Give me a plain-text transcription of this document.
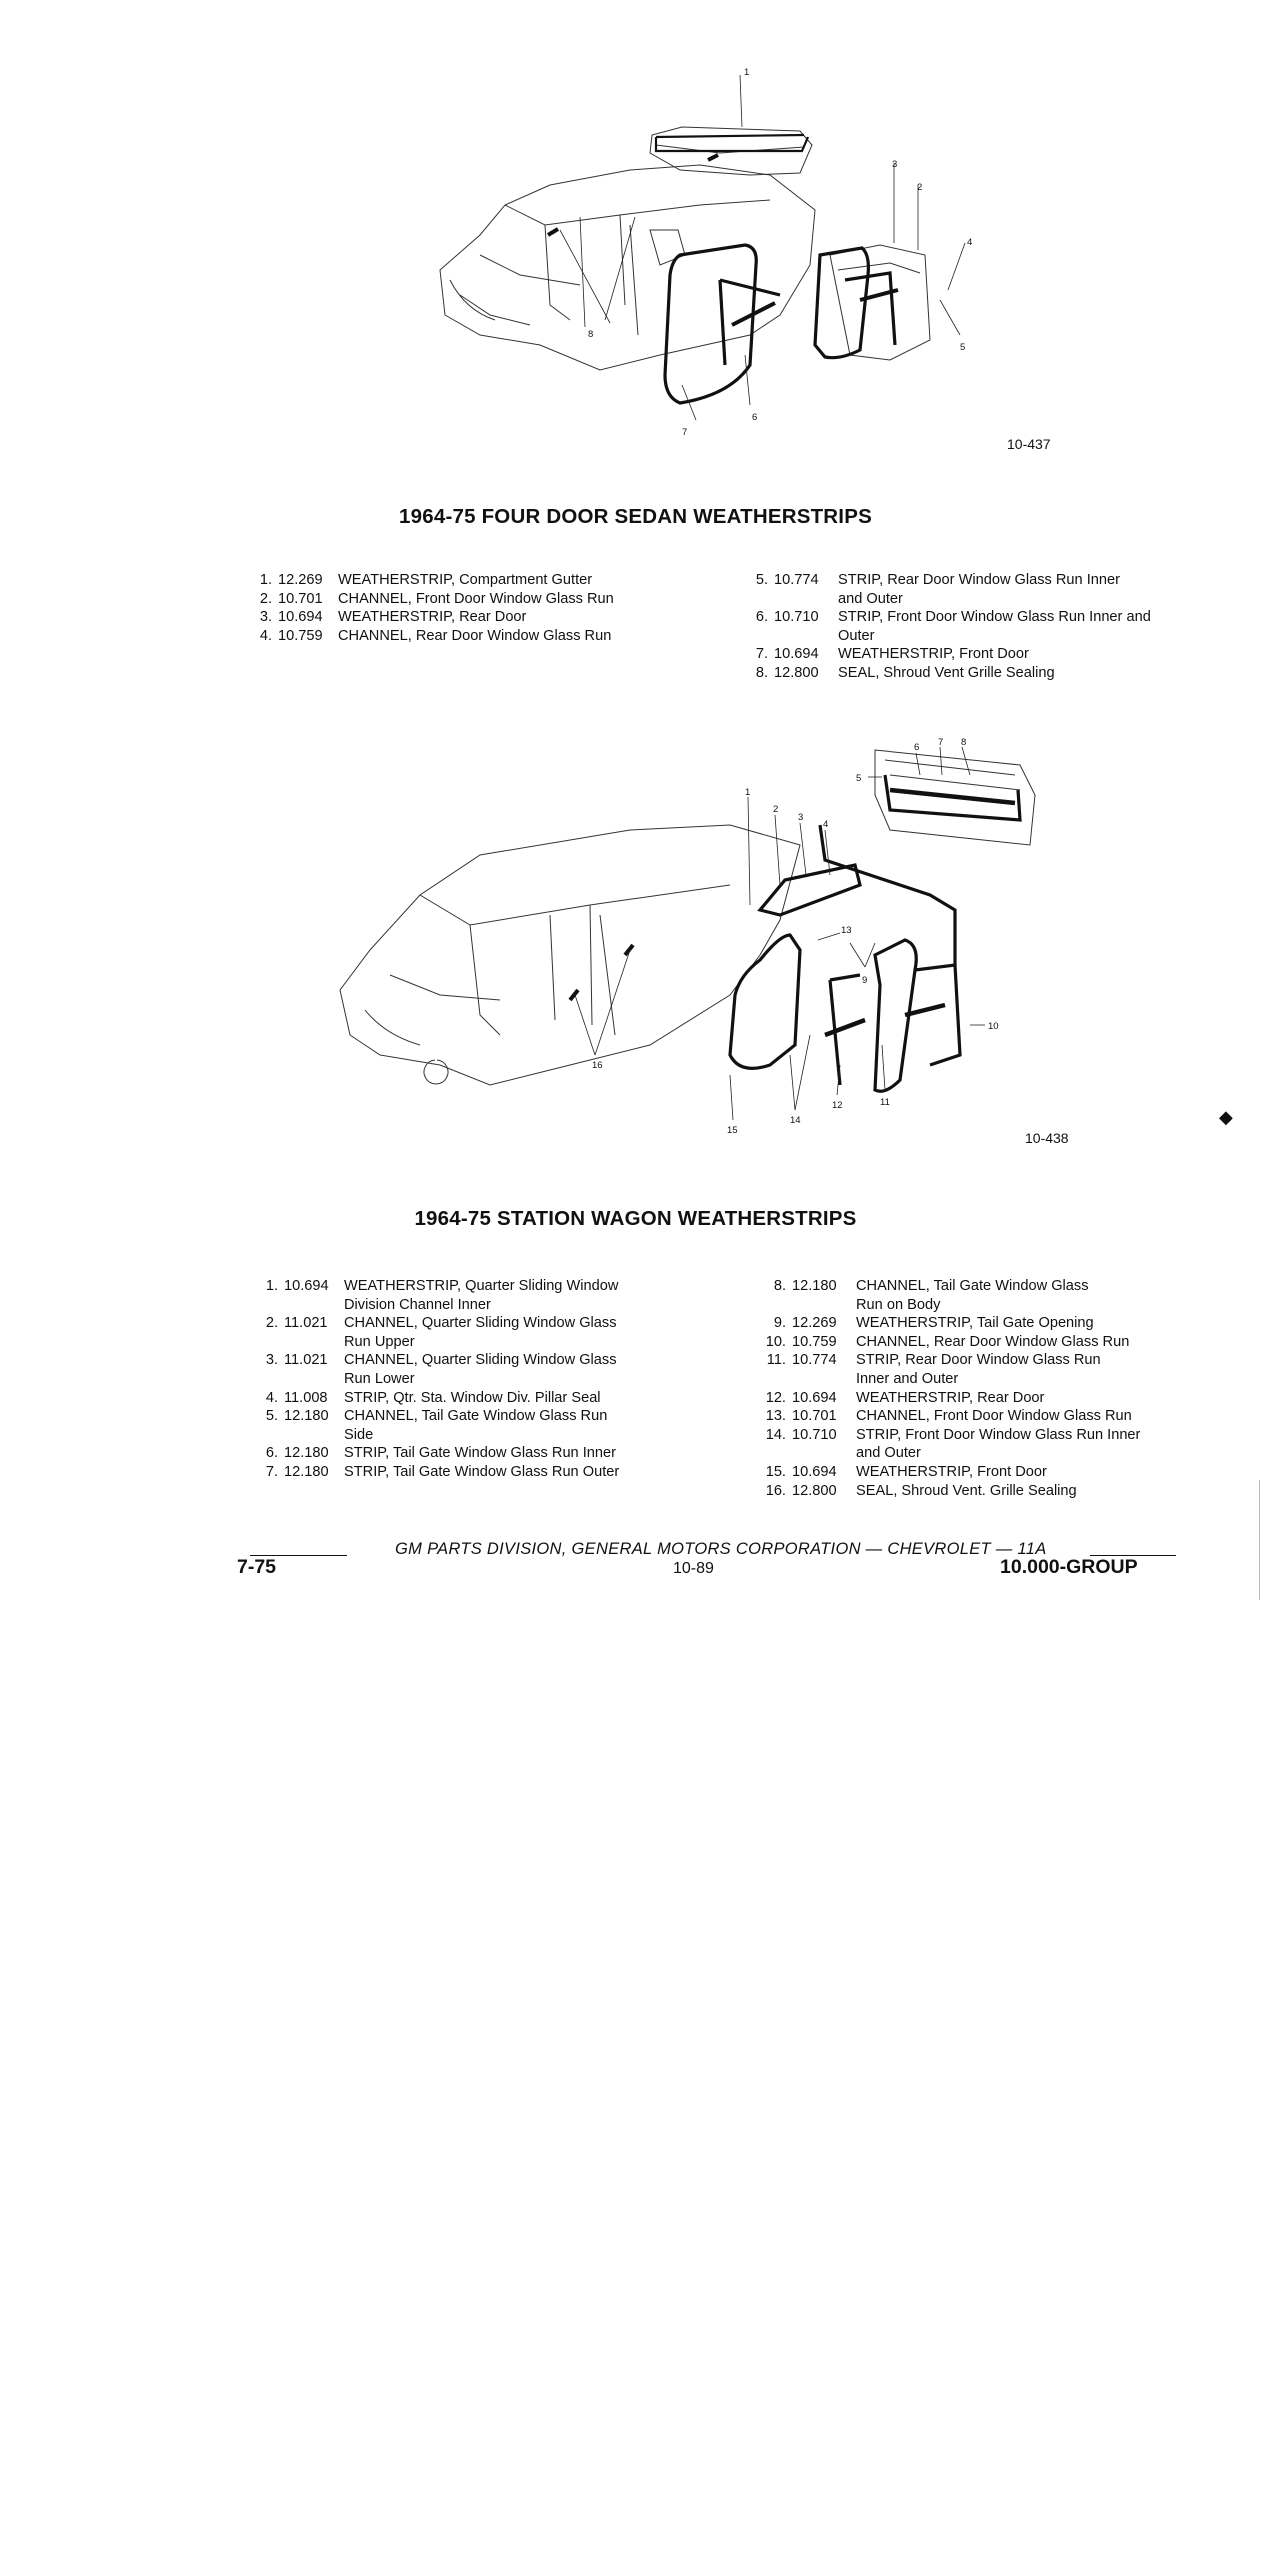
1
2
3
4
5
6
7
8
10-437
1964-75 FOUR DOOR SEDAN WEATHERSTRIPS
1. 12.269	WEATHERSTRIP, Compartment Gutter
2. 10.701	CHANNEL, Front Door Window Glass Run
3. 10.694	WEATHERSTRIP, Rear Door
4. 10.759	CHANNEL, Rear Door Window Glass Run
5. 10.774	STRIP, Rear Door Window Glass Run Inner and Outer
6. 10.710	STRIP, Front Door Window Glass Run Inner and Outer
7. 10.694	WEATHERSTRIP, Front Door
8. 12.800	SEAL, Shroud Vent Grille Sealing
1
2
3
4
5
6 7 8
9
10
11
12
13
14
15
16
10-438
1964-75 STATION WAGON WEATHERSTRIPS
1. 10.694	WEATHERSTRIP, Quarter Sliding Window Division Channel Inner
2. 11.021	CHANNEL, Quarter Sliding Window Glass Run Upper
3. 11.021	CHANNEL, Quarter Sliding Window Glass Run Lower
4. 11.008	STRIP, Qtr. Sta. Window Div. Pillar Seal
5. 12.180	CHANNEL, Tail Gate Window Glass Run Side
6. 12.180	STRIP, Tail Gate Window Glass Run Inner
7. 12.180	STRIP, Tail Gate Window Glass Run Outer
8. 12.180	CHANNEL, Tail Gate Window Glass Run on Body
9. 12.269	WEATHERSTRIP, Tail Gate Opening
10. 10.759	CHANNEL, Rear Door Window Glass Run
11. 10.774	STRIP, Rear Door Window Glass Run Inner and Outer
12. 10.694	WEATHERSTRIP, Rear Door
13. 10.701	CHANNEL, Front Door Window Glass Run
14. 10.710	STRIP, Front Door Window Glass Run Inner and Outer
15. 10.694	WEATHERSTRIP, Front Door
16. 12.800	SEAL, Shroud Vent. Grille Sealing
GM PARTS DIVISION, GENERAL MOTORS CORPORATION — CHEVROLET — 11A
7-75	10-89	10.000-GROUP
◆
